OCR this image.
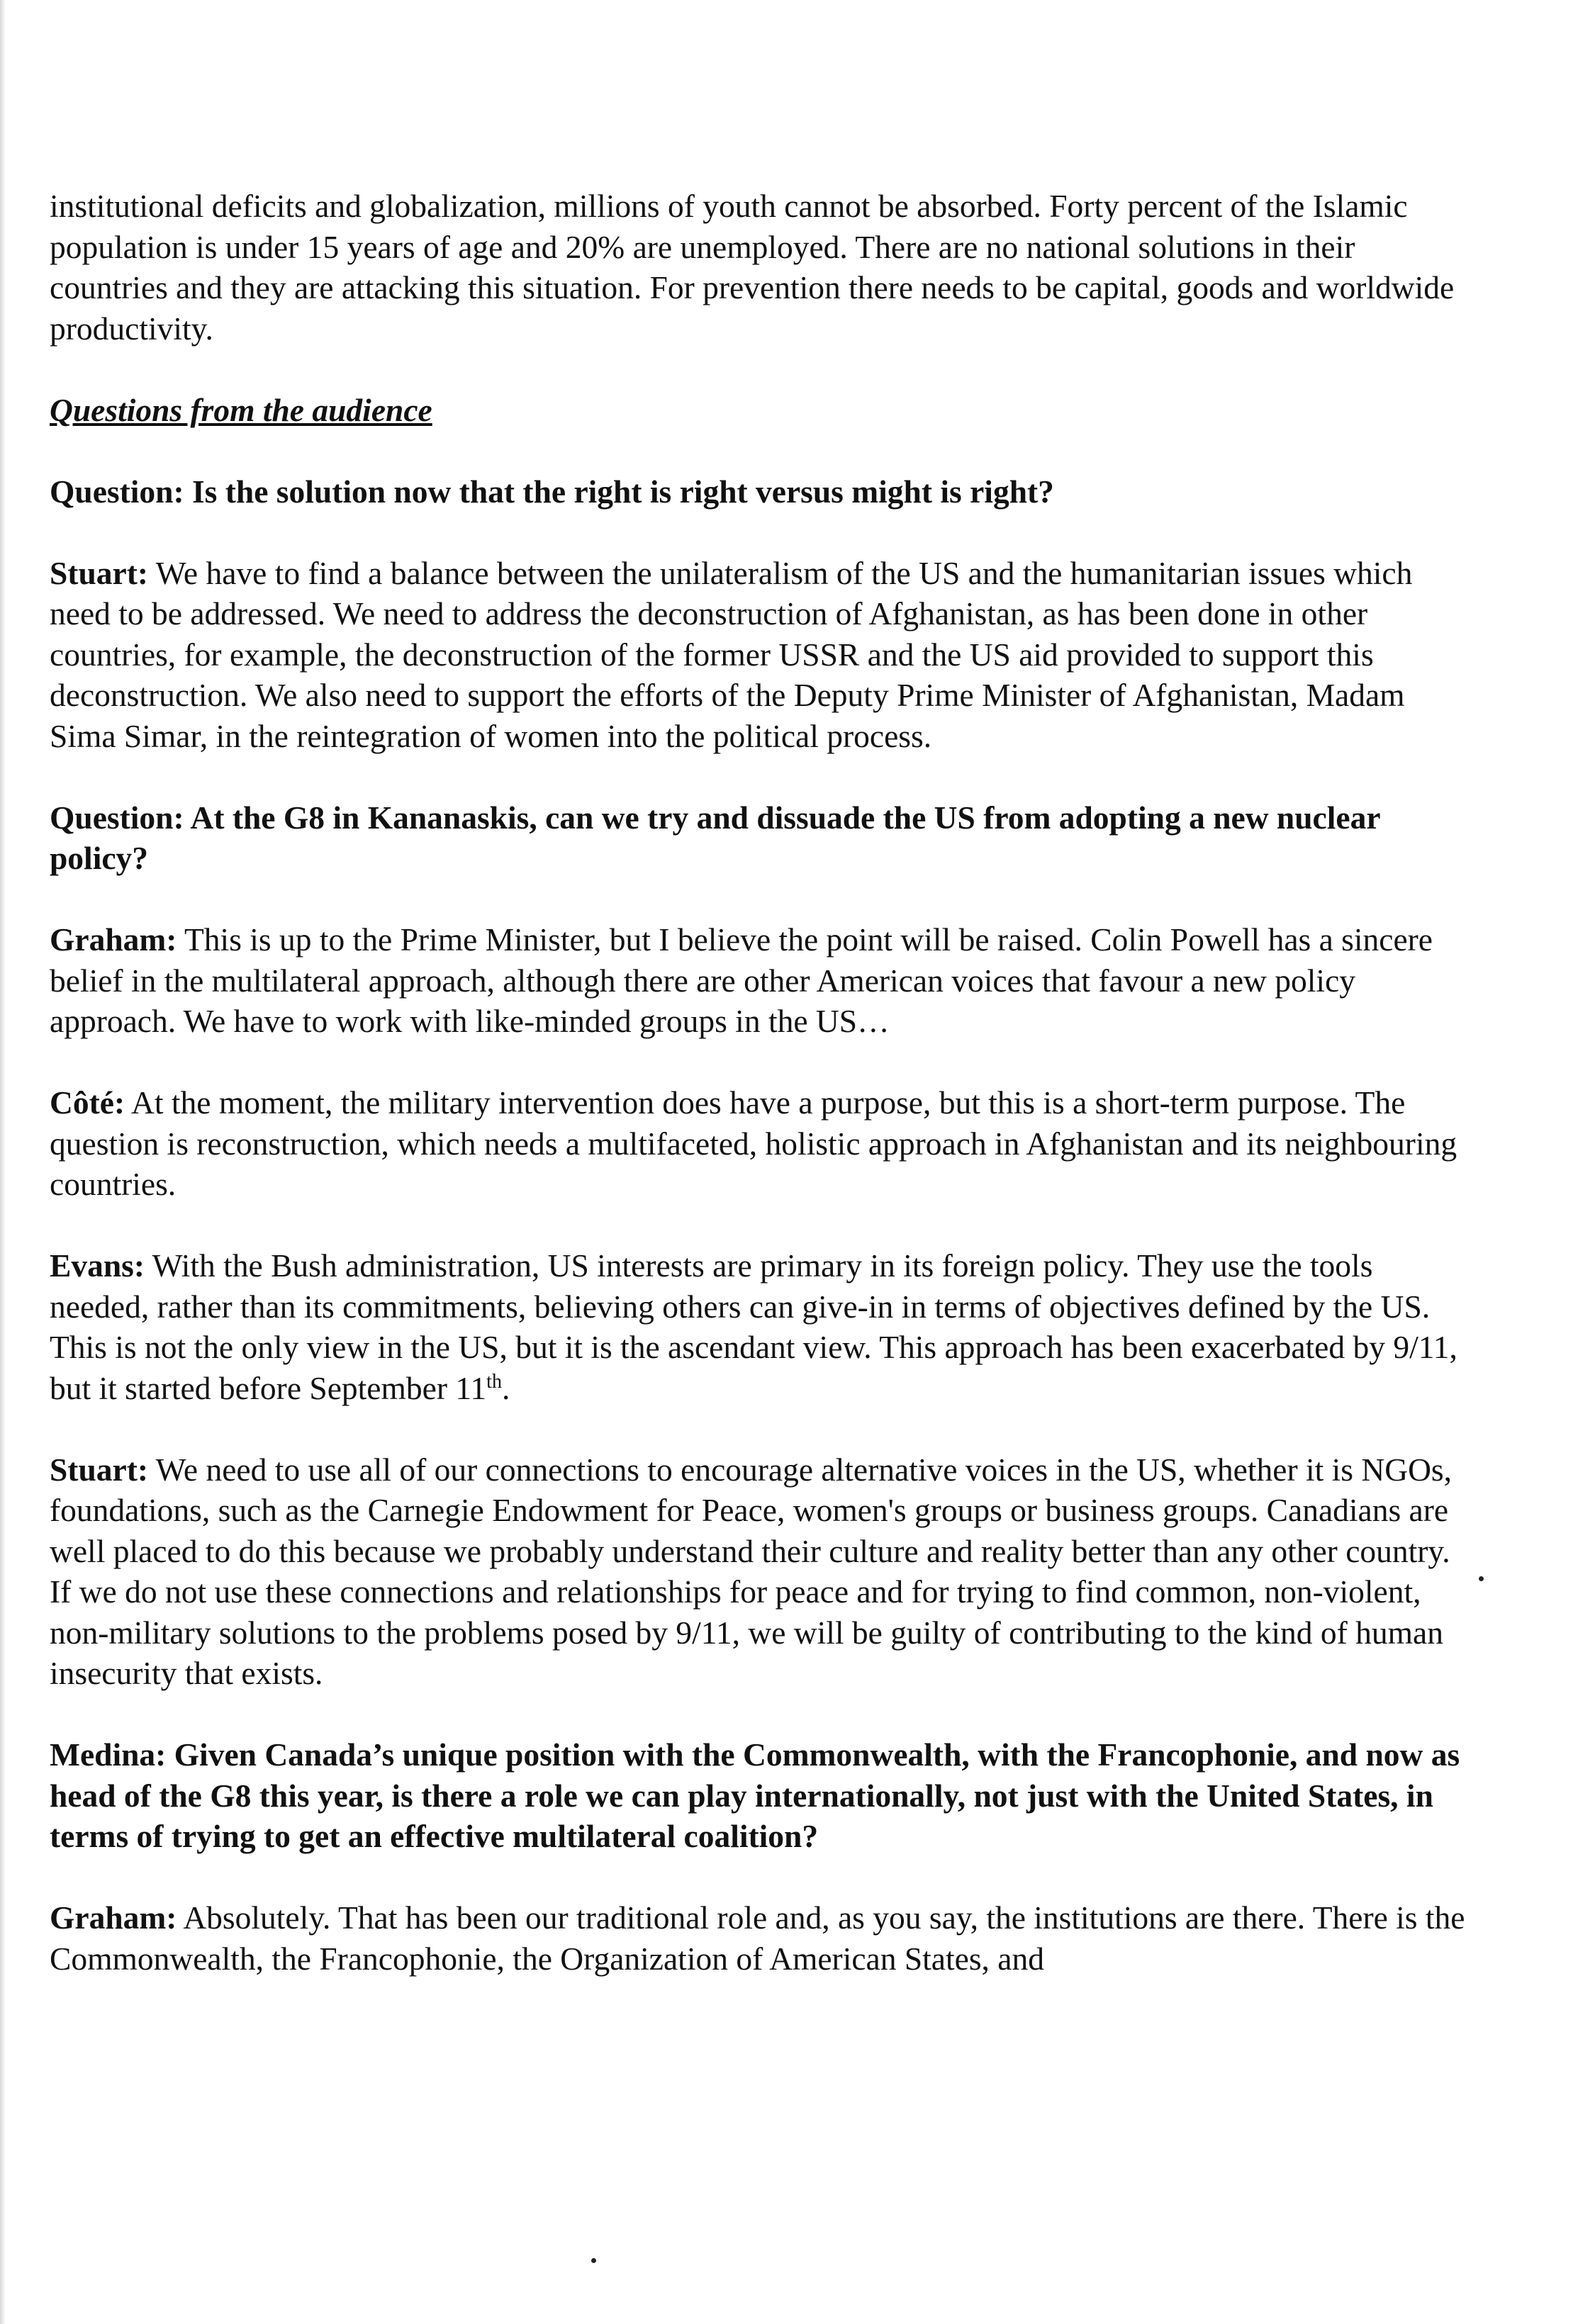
institutional deficits and globalization, millions of youth cannot be absorbed. Forty percent of the Islamic population is under 15 years of age and 20% are unemployed. There are no national solutions in their countries and they are attacking this situation. For prevention there needs to be capital, goods and worldwide productivity.

Questions from the audience

Question: Is the solution now that the right is right versus might is right?

Stuart: We have to find a balance between the unilateralism of the US and the humanitarian issues which need to be addressed. We need to address the deconstruction of Afghanistan, as has been done in other countries, for example, the deconstruction of the former USSR and the US aid provided to support this deconstruction. We also need to support the efforts of the Deputy Prime Minister of Afghanistan, Madam Sima Simar, in the reintegration of women into the political process.

Question: At the G8 in Kananaskis, can we try and dissuade the US from adopting a new nuclear policy?

Graham: This is up to the Prime Minister, but I believe the point will be raised. Colin Powell has a sincere belief in the multilateral approach, although there are other American voices that favour a new policy approach. We have to work with like-minded groups in the US…

Côté: At the moment, the military intervention does have a purpose, but this is a short-term purpose. The question is reconstruction, which needs a multifaceted, holistic approach in Afghanistan and its neighbouring countries.

Evans: With the Bush administration, US interests are primary in its foreign policy. They use the tools needed, rather than its commitments, believing others can give-in in terms of objectives defined by the US. This is not the only view in the US, but it is the ascendant view. This approach has been exacerbated by 9/11, but it started before September 11th.

Stuart: We need to use all of our connections to encourage alternative voices in the US, whether it is NGOs, foundations, such as the Carnegie Endowment for Peace, women's groups or business groups. Canadians are well placed to do this because we probably understand their culture and reality better than any other country. If we do not use these connections and relationships for peace and for trying to find common, non-violent, non-military solutions to the problems posed by 9/11, we will be guilty of contributing to the kind of human insecurity that exists.

Medina: Given Canada’s unique position with the Commonwealth, with the Francophonie, and now as head of the G8 this year, is there a role we can play internationally, not just with the United States, in terms of trying to get an effective multilateral coalition?

Graham: Absolutely. That has been our traditional role and, as you say, the institutions are there. There is the Commonwealth, the Francophonie, the Organization of American States, and
